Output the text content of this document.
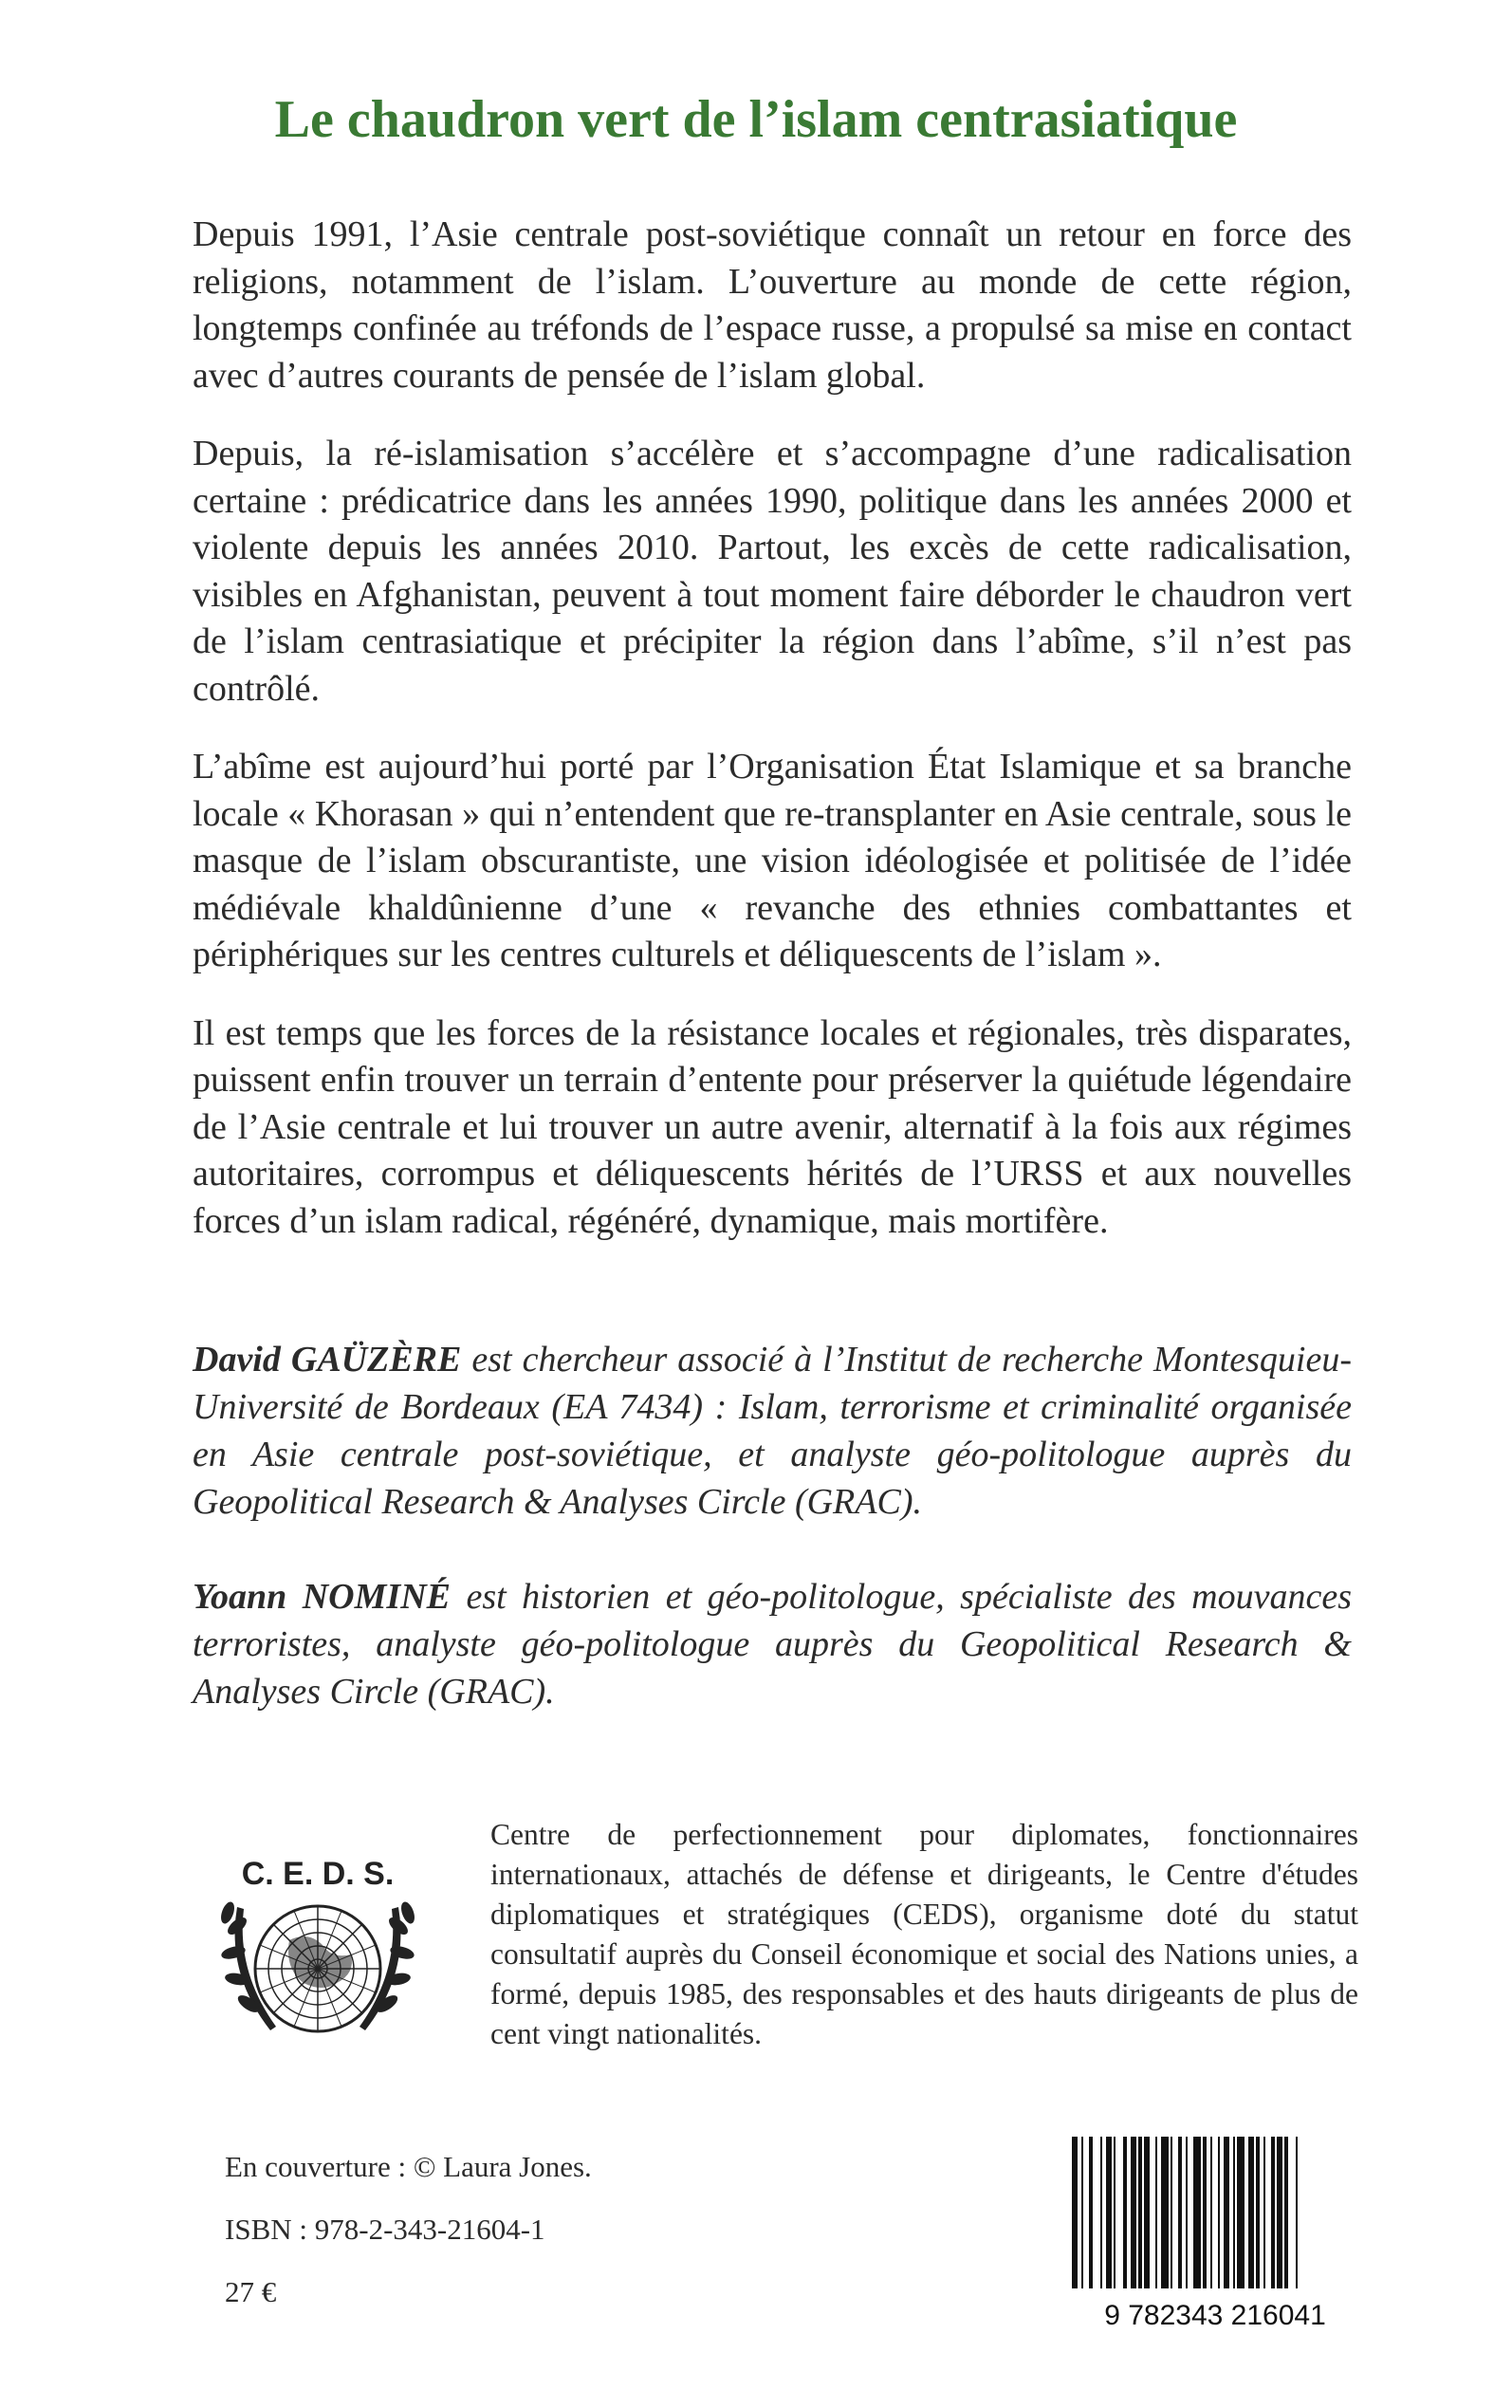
Le chaudron vert de l’islam centrasiatique

Depuis 1991, l’Asie centrale post-soviétique connaît un retour en force des religions, notamment de l’islam. L’ouverture au monde de cette région, longtemps confinée au tréfonds de l’espace russe, a propulsé sa mise en contact avec d’autres courants de pensée de l’islam global.

Depuis, la ré-islamisation s’accélère et s’accompagne d’une radicalisation certaine : prédicatrice dans les années 1990, politique dans les années 2000 et violente depuis les années 2010. Partout, les excès de cette radicalisation, visibles en Afghanistan, peuvent à tout moment faire déborder le chaudron vert de l’islam centrasiatique et précipiter la région dans l’abîme, s’il n’est pas contrôlé.

L’abîme est aujourd’hui porté par l’Organisation État Islamique et sa branche locale « Khorasan » qui n’entendent que re-transplanter en Asie centrale, sous le masque de l’islam obscurantiste, une vision idéologisée et politisée de l’idée médiévale khaldûnienne d’une « revanche des ethnies combattantes et périphériques sur les centres culturels et déliquescents de l’islam ».

Il est temps que les forces de la résistance locales et régionales, très disparates, puissent enfin trouver un terrain d’entente pour préserver la quiétude légendaire de l’Asie centrale et lui trouver un autre avenir, alternatif à la fois aux régimes autoritaires, corrompus et déliquescents hérités de l’URSS et aux nouvelles forces d’un islam radical, régénéré, dynamique, mais mortifère.

David GAÜZÈRE est chercheur associé à l’Institut de recherche Montesquieu-Université de Bordeaux (EA 7434) : Islam, terrorisme et criminalité organisée en Asie centrale post-soviétique, et analyste géo-politologue auprès du Geopolitical Research & Analyses Circle (GRAC).

Yoann NOMINÉ est historien et géo-politologue, spécialiste des mouvances terroristes, analyste géo-politologue auprès du Geopolitical Research & Analyses Circle (GRAC).

C. E. D. S.
Centre de perfectionnement pour diplomates, fonctionnaires internationaux, attachés de défense et dirigeants, le Centre d'études diplomatiques et stratégiques (CEDS), organisme doté du statut consultatif auprès du Conseil économique et social des Nations unies, a formé, depuis 1985, des responsables et des hauts dirigeants de plus de cent vingt nationalités.
En couverture : © Laura Jones.
ISBN : 978-2-343-21604-1
27 €
9 782343 216041
